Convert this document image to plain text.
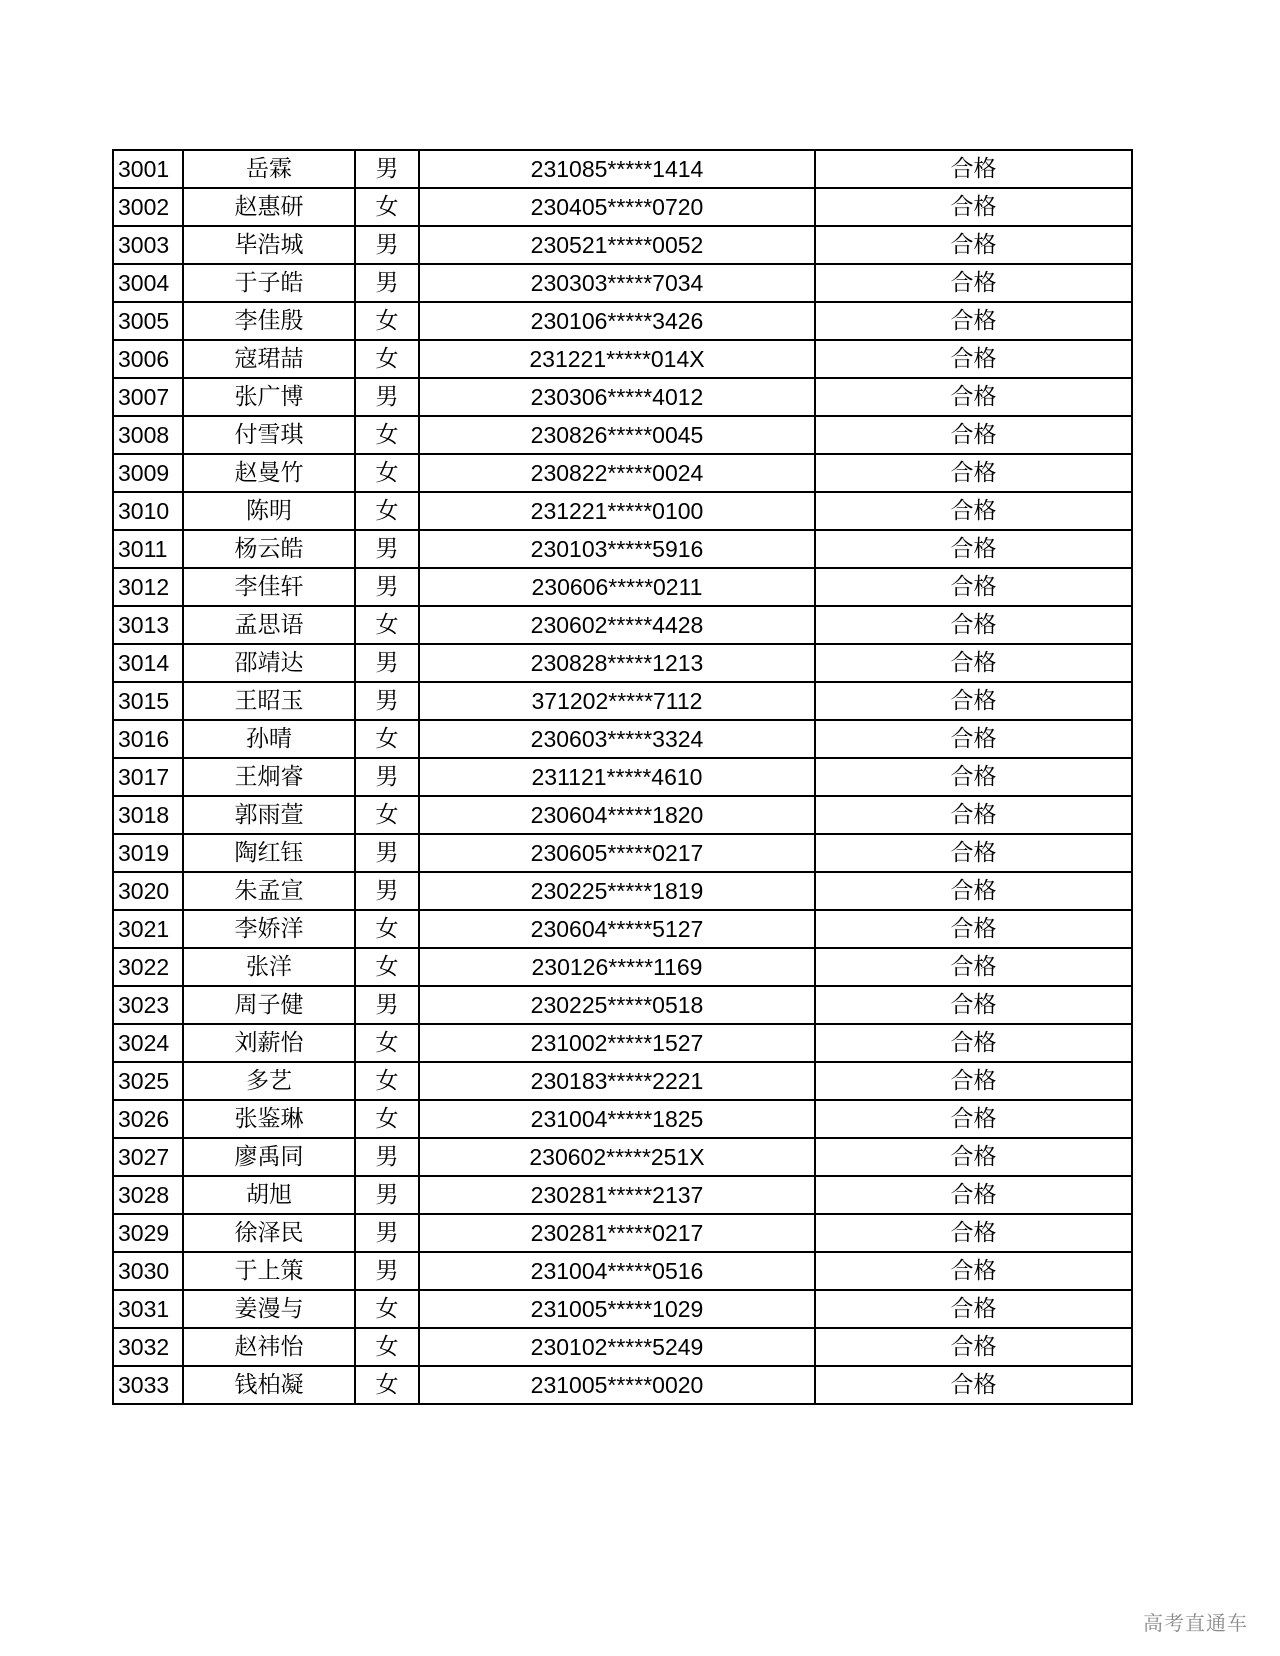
3001	岳霖	男	231085*****1414	合格
3002	赵惠研	女	230405*****0720	合格
3003	毕浩城	男	230521*****0052	合格
3004	于子皓	男	230303*****7034	合格
3005	李佳殷	女	230106*****3426	合格
3006	寇珺喆	女	231221*****014X	合格
3007	张广博	男	230306*****4012	合格
3008	付雪琪	女	230826*****0045	合格
3009	赵曼竹	女	230822*****0024	合格
3010	陈明	女	231221*****0100	合格
3011	杨云皓	男	230103*****5916	合格
3012	李佳轩	男	230606*****0211	合格
3013	孟思语	女	230602*****4428	合格
3014	邵靖达	男	230828*****1213	合格
3015	王昭玉	男	371202*****7112	合格
3016	孙晴	女	230603*****3324	合格
3017	王炯睿	男	231121*****4610	合格
3018	郭雨萱	女	230604*****1820	合格
3019	陶红钰	男	230605*****0217	合格
3020	朱孟宣	男	230225*****1819	合格
3021	李娇洋	女	230604*****5127	合格
3022	张洋	女	230126*****1169	合格
3023	周子健	男	230225*****0518	合格
3024	刘薪怡	女	231002*****1527	合格
3025	多艺	女	230183*****2221	合格
3026	张鉴琳	女	231004*****1825	合格
3027	廖禹同	男	230602*****251X	合格
3028	胡旭	男	230281*****2137	合格
3029	徐泽民	男	230281*****0217	合格
3030	于上策	男	231004*****0516	合格
3031	姜漫与	女	231005*****1029	合格
3032	赵祎怡	女	230102*****5249	合格
3033	钱柏凝	女	231005*****0020	合格
高考直通车
